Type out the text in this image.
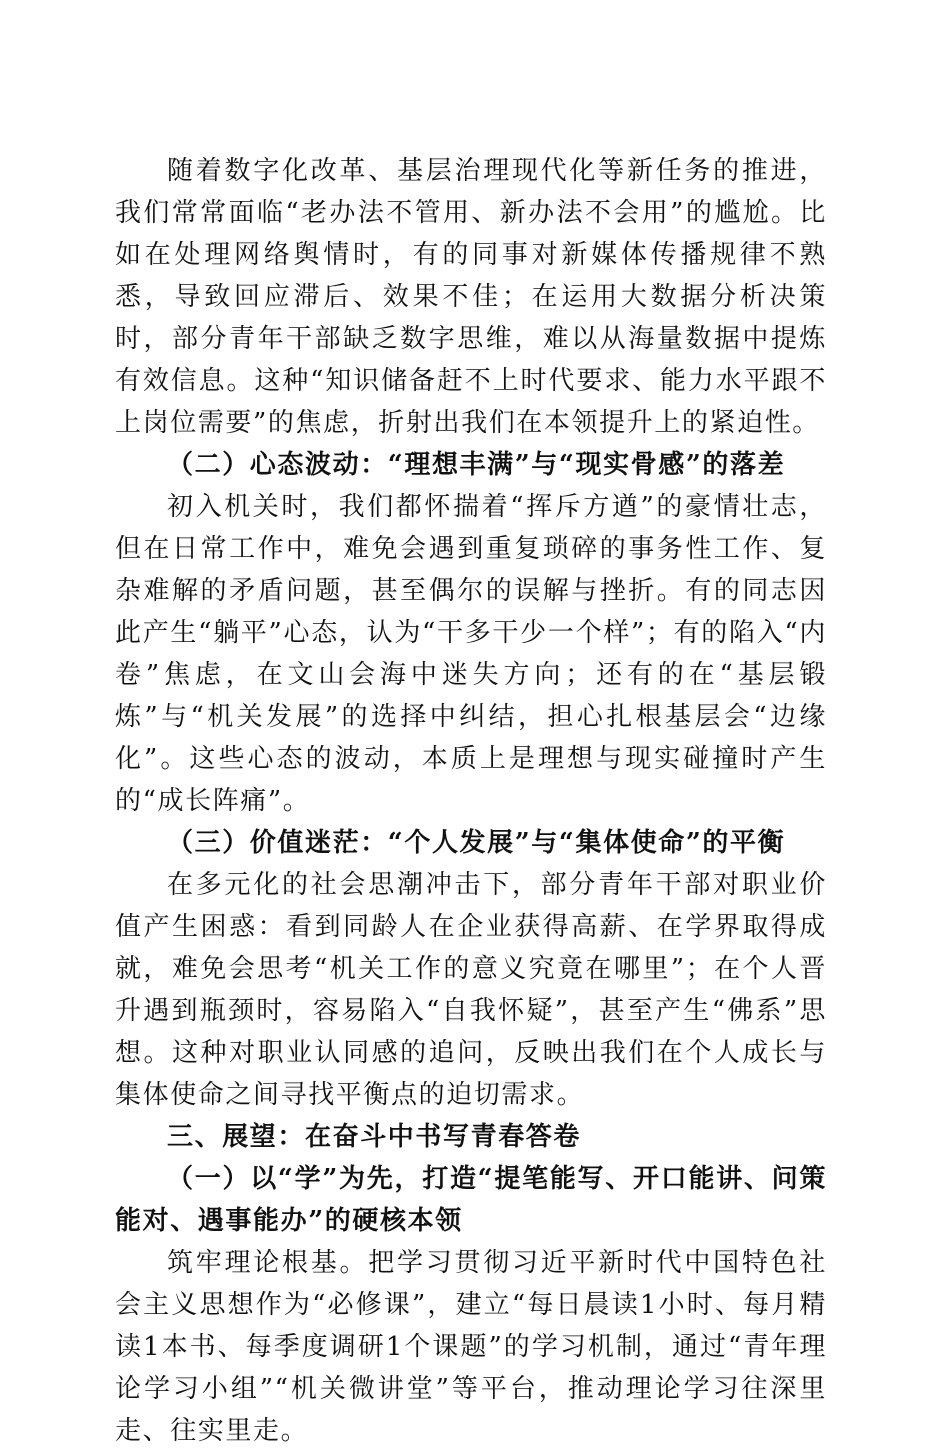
随着数字化改革、基层治理现代化等新任务的推进，我们常常面临“老办法不管用、新办法不会用”的尴尬。比如在处理网络舆情时，有的同事对新媒体传播规律不熟悉，导致回应滞后、效果不佳；在运用大数据分析决策时，部分青年干部缺乏数字思维，难以从海量数据中提炼有效信息。这种“知识储备赶不上时代要求、能力水平跟不上岗位需要”的焦虑，折射出我们在本领提升上的紧迫性。

（二）心态波动：“理想丰满”与“现实骨感”的落差

初入机关时，我们都怀揣着“挥斥方遒”的豪情壮志，但在日常工作中，难免会遇到重复琐碎的事务性工作、复杂难解的矛盾问题，甚至偶尔的误解与挫折。有的同志因此产生“躺平”心态，认为“干多干少一个样”；有的陷入“内卷”焦虑，在文山会海中迷失方向；还有的在“基层锻炼”与“机关发展”的选择中纠结，担心扎根基层会“边缘化”。这些心态的波动，本质上是理想与现实碰撞时产生的“成长阵痛”。

（三）价值迷茫：“个人发展”与“集体使命”的平衡

在多元化的社会思潮冲击下，部分青年干部对职业价值产生困惑：看到同龄人在企业获得高薪、在学界取得成就，难免会思考“机关工作的意义究竟在哪里”；在个人晋升遇到瓶颈时，容易陷入“自我怀疑”，甚至产生“佛系”思想。这种对职业认同感的追问，反映出我们在个人成长与集体使命之间寻找平衡点的迫切需求。

三、展望：在奋斗中书写青春答卷

（一）以“学”为先，打造“提笔能写、开口能讲、问策能对、遇事能办”的硬核本领

筑牢理论根基。把学习贯彻习近平新时代中国特色社会主义思想作为“必修课”，建立“每日晨读1小时、每月精读1本书、每季度调研1个课题”的学习机制，通过“青年理论学习小组”“机关微讲堂”等平台，推动理论学习往深里走、往实里走。
